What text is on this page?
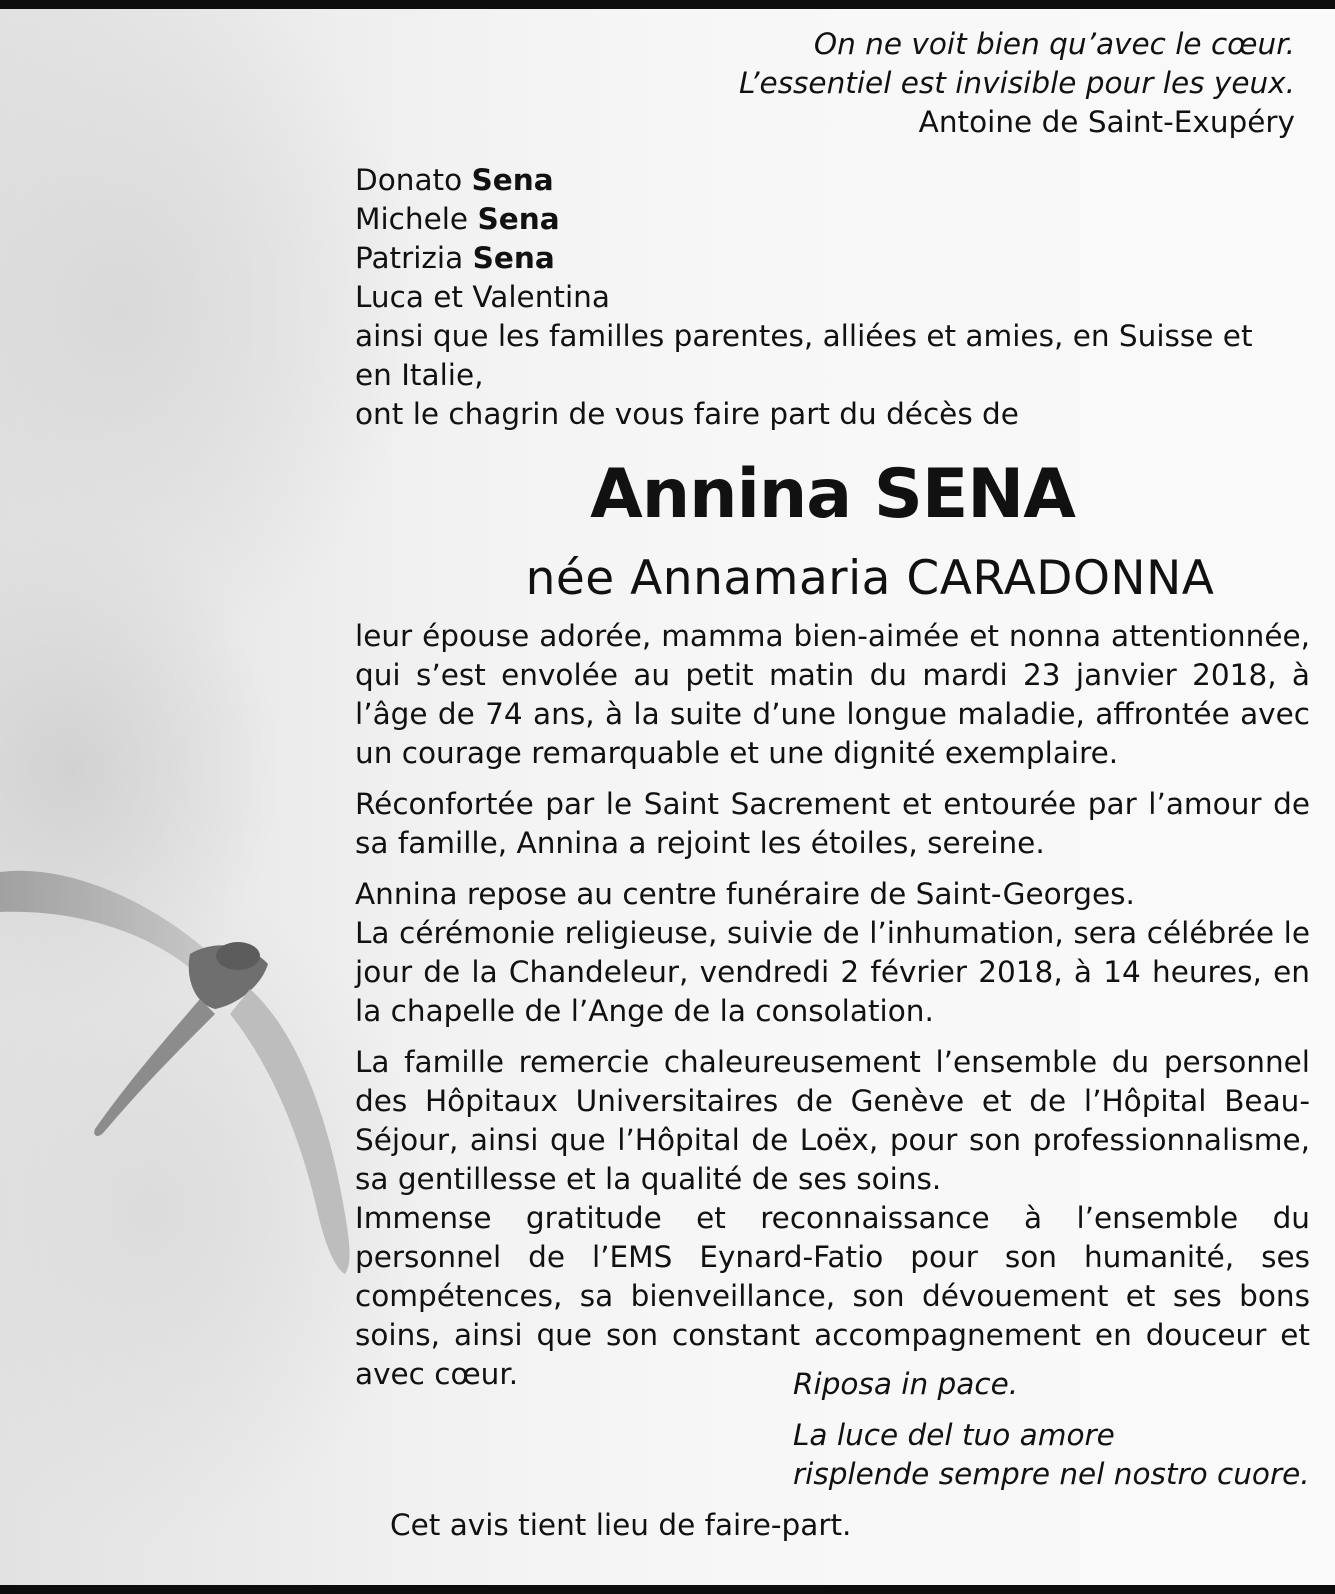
On ne voit bien qu’avec le cœur.
L’essentiel est invisible pour les yeux.
Antoine de Saint-Exupéry

Donato Sena

Michele Sena

Patrizia Sena

Luca et Valentina

ainsi que les familles parentes, alliées et amies, en Suisse et

en Italie,

ont le chagrin de vous faire part du décès de

Annina SENA
née Annamaria CARADONNA

leur épouse adorée, mamma bien-aimée et nonna attentionnée, qui s’est envolée au petit matin du mardi 23 janvier 2018, à l’âge de 74 ans, à la suite d’une longue maladie, affrontée avec un courage remarquable et une dignité exemplaire.

Réconfortée par le Saint Sacrement et entourée par l’amour de sa famille, Annina a rejoint les étoiles, sereine.

Annina repose au centre funéraire de Saint-Georges.

La cérémonie religieuse, suivie de l’inhumation, sera célébrée le jour de la Chandeleur, vendredi 2 février 2018, à 14 heures, en la chapelle de l’Ange de la consolation.

La famille remercie chaleureusement l’ensemble du personnel des Hôpitaux Universitaires de Genève et de l’Hôpital Beau-Séjour, ainsi que l’Hôpital de Loëx, pour son professionnalisme, sa gentillesse et la qualité de ses soins.

Immense gratitude et reconnaissance à l’ensemble du personnel de l’EMS Eynard-Fatio pour son humanité, ses compétences, sa bienveillance, son dévouement et ses bons soins, ainsi que son constant accompagnement en douceur et avec cœur.	Riposa in pace.

La luce del tuo amore
risplende sempre nel nostro cuore.
Cet avis tient lieu de faire-part.
